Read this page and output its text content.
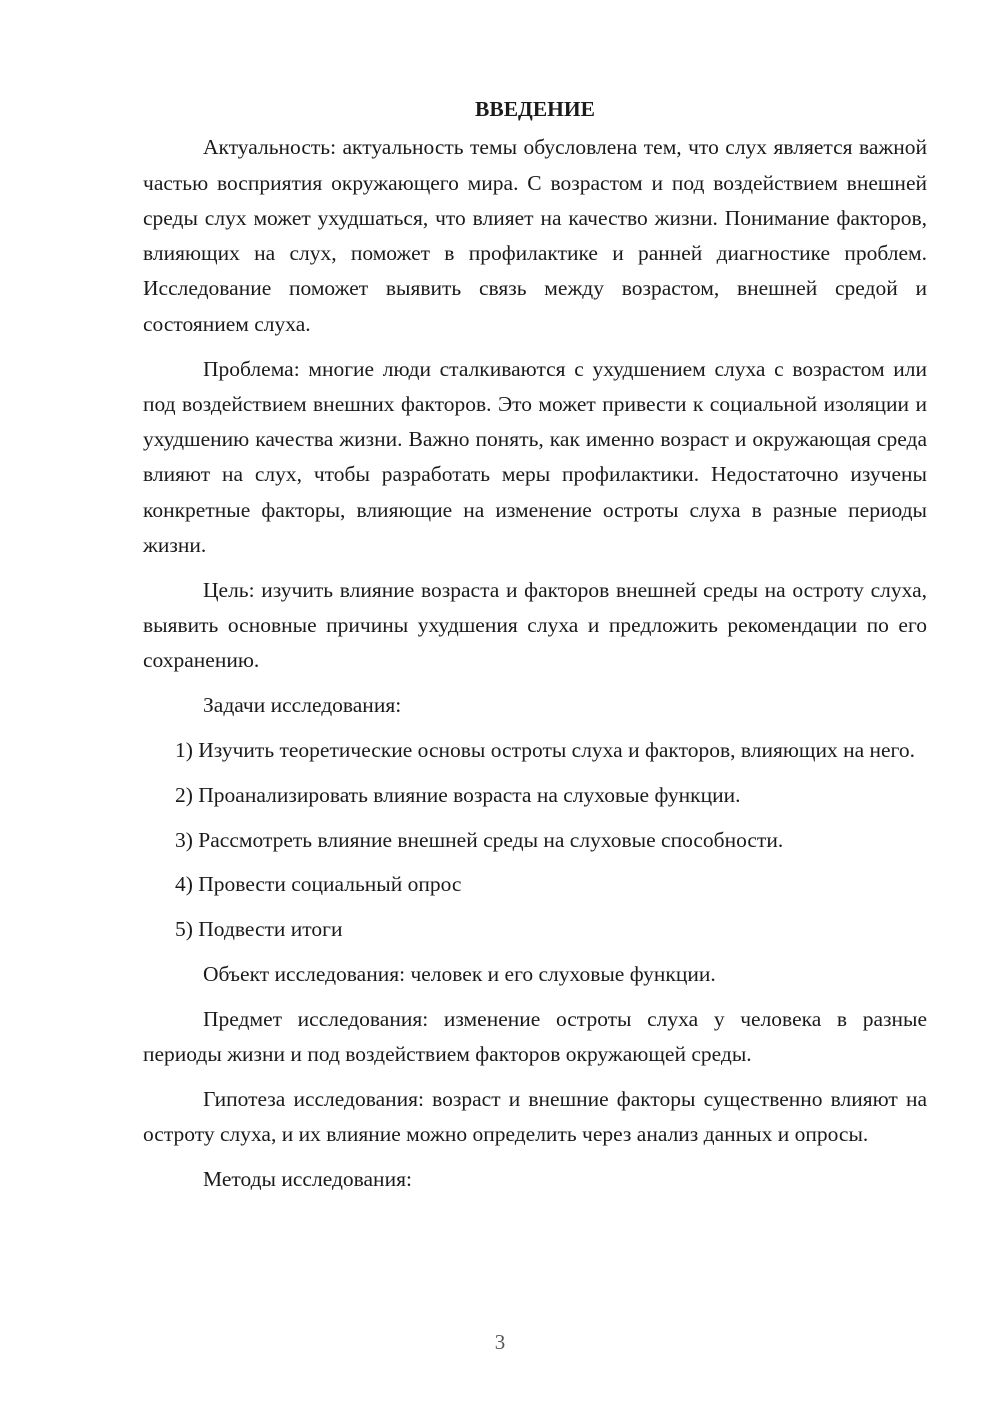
ВВЕДЕНИЕ

Актуальность: актуальность темы обусловлена тем, что слух является важной частью восприятия окружающего мира. С возрастом и под воздействием внешней среды слух может ухудшаться, что влияет на качество жизни. Понимание факторов, влияющих на слух, поможет в профилактике и ранней диагностике проблем. Исследование поможет выявить связь между возрастом, внешней средой и состоянием слуха.

Проблема: многие люди сталкиваются с ухудшением слуха с возрастом или под воздействием внешних факторов. Это может привести к социальной изоляции и ухудшению качества жизни. Важно понять, как именно возраст и окружающая среда влияют на слух, чтобы разработать меры профилактики. Недостаточно изучены конкретные факторы, влияющие на изменение остроты слуха в разные периоды жизни.

Цель: изучить влияние возраста и факторов внешней среды на остроту слуха, выявить основные причины ухудшения слуха и предложить рекомендации по его сохранению.

Задачи исследования:

1) Изучить теоретические основы остроты слуха и факторов, влияющих на него.

2) Проанализировать влияние возраста на слуховые функции.

3) Рассмотреть влияние внешней среды на слуховые способности.

4) Провести социальный опрос

5) Подвести итоги

Объект исследования: человек и его слуховые функции.

Предмет исследования: изменение остроты слуха у человека в разные периоды жизни и под воздействием факторов окружающей среды.

Гипотеза исследования: возраст и внешние факторы существенно влияют на остроту слуха, и их влияние можно определить через анализ данных и опросы.

Методы исследования:

3
